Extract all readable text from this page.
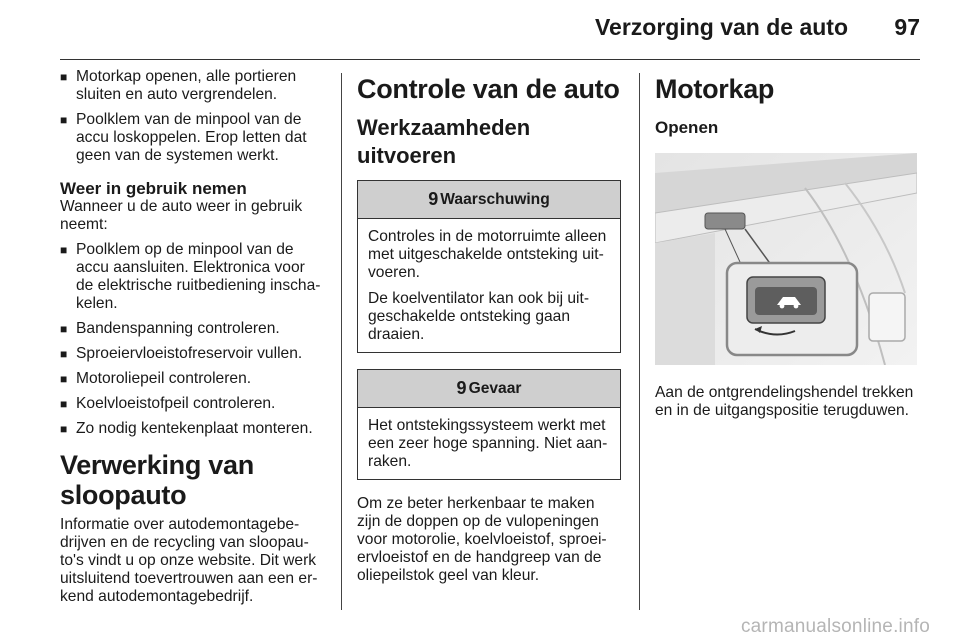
Verzorging van de auto 97
■ Motorkap openen, alle portieren sluiten en auto vergrendelen.
■ Poolklem van de minpool van de accu loskoppelen. Erop letten dat geen van de systemen werkt.
Weer in gebruik nemen

Wanneer u de auto weer in gebruik neemt:

■ Poolklem op de minpool van de accu aansluiten. Elektronica voor de elektrische ruitbediening inscha-kelen.
■ Bandenspanning controleren.
■ Sproeiervloeistofreservoir vullen.
■ Motoroliepeil controleren.
■ Koelvloeistofpeil controleren.
■ Zo nodig kentekenplaat monteren.
Verwerking van sloopauto

Informatie over autodemontagebe-drijven en de recycling van sloopau-to's vindt u op onze website. Dit werk uitsluitend toevertrouwen aan een er-kend autodemontagebedrijf.

Controle van de auto
Werkzaamheden uitvoeren
9 Waarschuwing

Controles in de motorruimte alleen met uitgeschakelde ontsteking uit-voeren.

De koelventilator kan ook bij uit-geschakelde ontsteking gaan draaien.

9 Gevaar

Het ontstekingssysteem werkt met een zeer hoge spanning. Niet aan-raken.

Om ze beter herkenbaar te maken zijn de doppen op de vulopeningen voor motorolie, koelvloeistof, sproei-ervloeistof en de handgreep van de oliepeilstok geel van kleur.

Motorkap
Openen

Aan de ontgrendelingshendel trekken en in de uitgangspositie terugduwen.

carmanualsonline.info
